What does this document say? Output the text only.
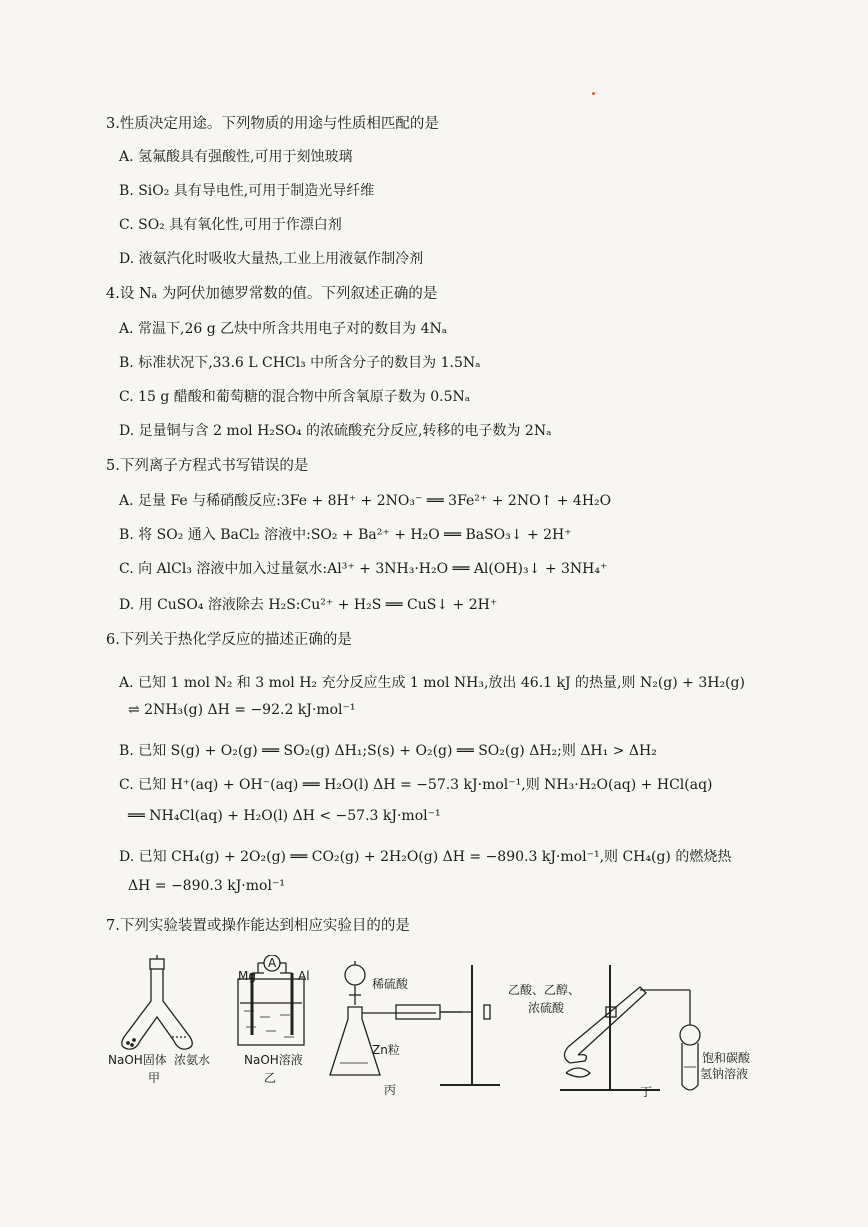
3.性质决定用途。下列物质的用途与性质相匹配的是
A. 氢氟酸具有强酸性,可用于刻蚀玻璃
B. SiO₂ 具有导电性,可用于制造光导纤维
C. SO₂ 具有氧化性,可用于作漂白剂
D. 液氨汽化时吸收大量热,工业上用液氨作制冷剂
4.设 Nₐ 为阿伏加德罗常数的值。下列叙述正确的是
A. 常温下,26 g 乙炔中所含共用电子对的数目为 4Nₐ
B. 标准状况下,33.6 L CHCl₃ 中所含分子的数目为 1.5Nₐ
C. 15 g 醋酸和葡萄糖的混合物中所含氧原子数为 0.5Nₐ
D. 足量铜与含 2 mol H₂SO₄ 的浓硫酸充分反应,转移的电子数为 2Nₐ
5.下列离子方程式书写错误的是
A. 足量 Fe 与稀硝酸反应:3Fe + 8H⁺ + 2NO₃⁻ ══ 3Fe²⁺ + 2NO↑ + 4H₂O
B. 将 SO₂ 通入 BaCl₂ 溶液中:SO₂ + Ba²⁺ + H₂O ══ BaSO₃↓ + 2H⁺
C. 向 AlCl₃ 溶液中加入过量氨水:Al³⁺ + 3NH₃·H₂O ══ Al(OH)₃↓ + 3NH₄⁺
D. 用 CuSO₄ 溶液除去 H₂S:Cu²⁺ + H₂S ══ CuS↓ + 2H⁺
6.下列关于热化学反应的描述正确的是
A. 已知 1 mol N₂ 和 3 mol H₂ 充分反应生成 1 mol NH₃,放出 46.1 kJ 的热量,则 N₂(g) + 3H₂(g)
⇌ 2NH₃(g) ΔH = −92.2 kJ·mol⁻¹
B. 已知 S(g) + O₂(g) ══ SO₂(g) ΔH₁;S(s) + O₂(g) ══ SO₂(g) ΔH₂;则 ΔH₁ > ΔH₂
C. 已知 H⁺(aq) + OH⁻(aq) ══ H₂O(l) ΔH = −57.3 kJ·mol⁻¹,则 NH₃·H₂O(aq) + HCl(aq)
══ NH₄Cl(aq) + H₂O(l) ΔH < −57.3 kJ·mol⁻¹
D. 已知 CH₄(g) + 2O₂(g) ══ CO₂(g) + 2H₂O(g) ΔH = −890.3 kJ·mol⁻¹,则 CH₄(g) 的燃烧热
ΔH = −890.3 kJ·mol⁻¹
7.下列实验装置或操作能达到相应实验目的的是
NaOH固体 浓氨水
甲
Mg	Al
A
NaOH溶液
乙
稀硫酸
Zn粒
丙
乙酸、乙醇、
浓硫酸
饱和碳酸
氢钠溶液
丁
